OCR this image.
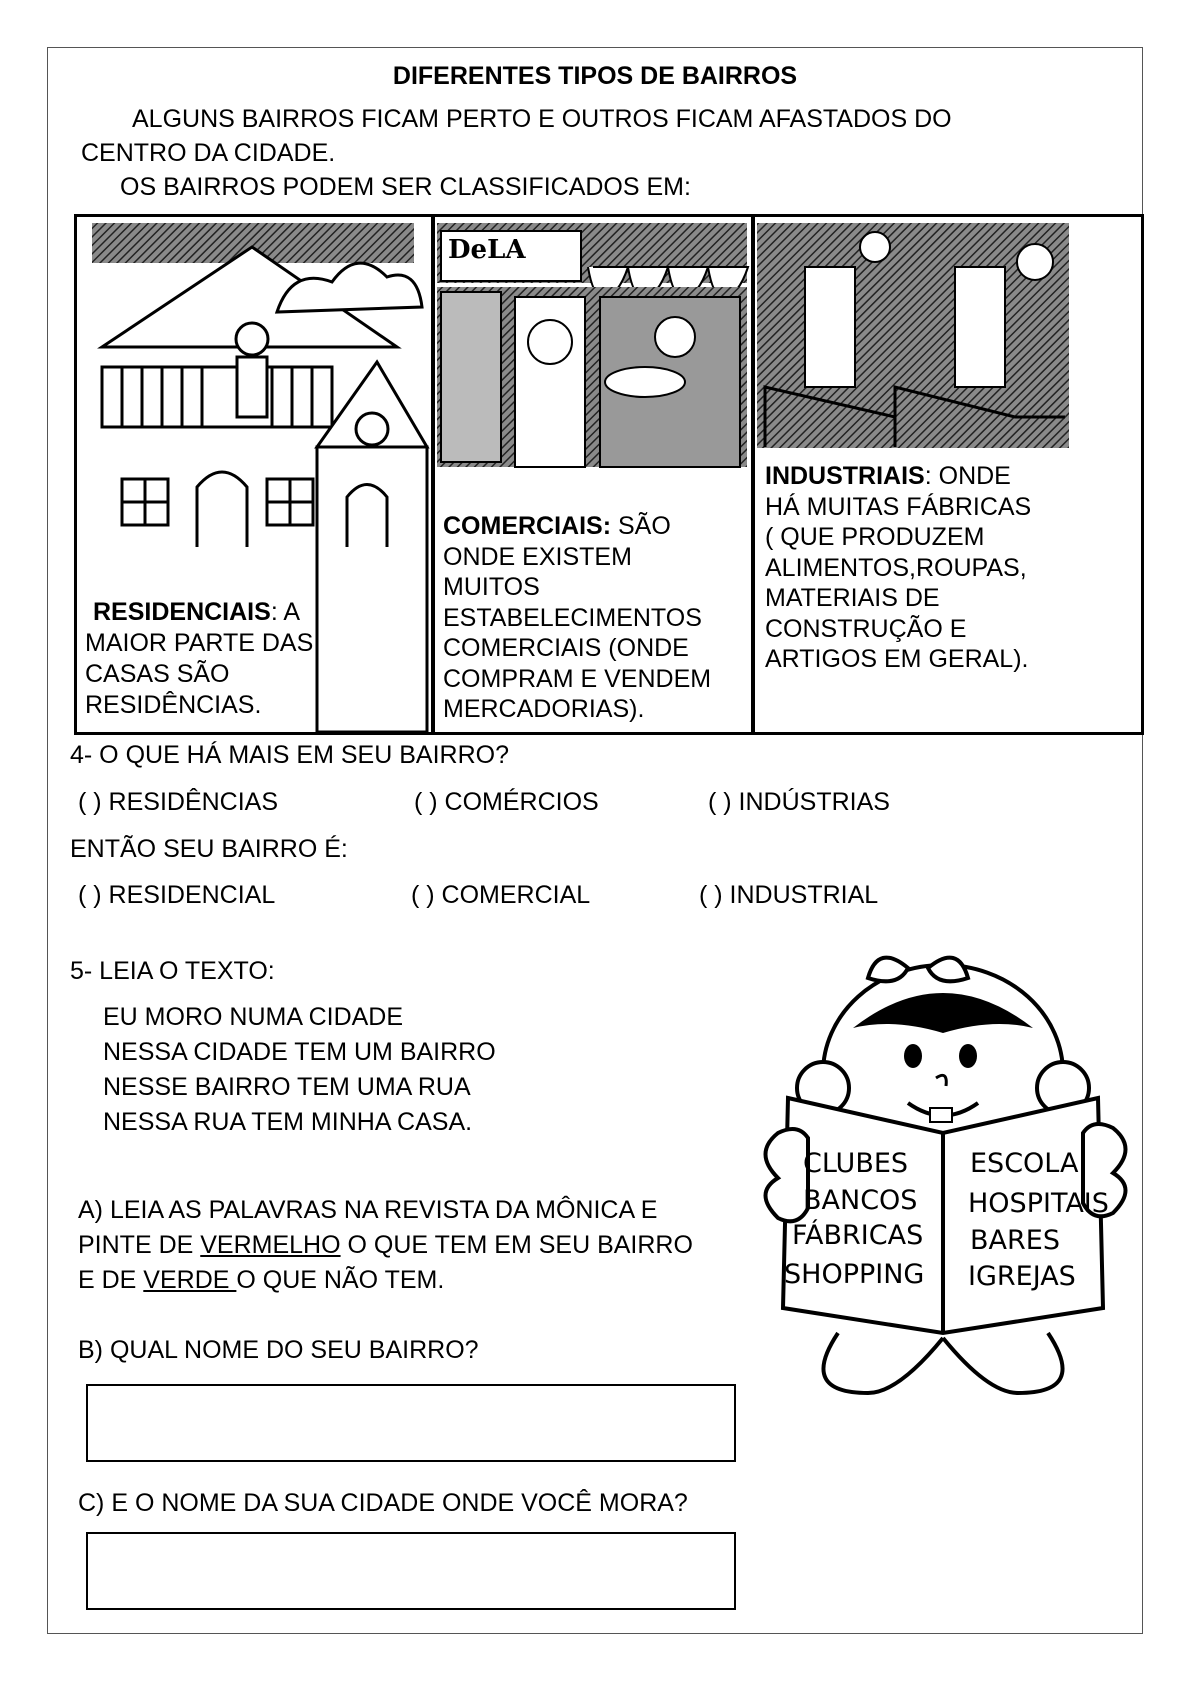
DIFERENTES TIPOS DE BAIRROS
ALGUNS BAIRROS FICAM PERTO E OUTROS FICAM AFASTADOS DO
CENTRO DA CIDADE.
OS BAIRROS PODEM SER CLASSIFICADOS EM:
DeLA
RESIDENCIAIS: A
MAIOR PARTE DAS
CASAS SÃO
RESIDÊNCIAS.
COMERCIAIS: SÃO
ONDE EXISTEM
MUITOS
ESTABELECIMENTOS
COMERCIAIS (ONDE
COMPRAM E VENDEM
MERCADORIAS).
INDUSTRIAIS: ONDE
HÁ MUITAS FÁBRICAS
( QUE PRODUZEM
ALIMENTOS,ROUPAS,
MATERIAIS DE
CONSTRUÇÃO E
ARTIGOS EM GERAL).
4- O QUE HÁ MAIS EM SEU BAIRRO?
( ) RESIDÊNCIAS	( ) COMÉRCIOS	( ) INDÚSTRIAS
ENTÃO SEU BAIRRO É:
( ) RESIDENCIAL	( ) COMERCIAL	( ) INDUSTRIAL
5- LEIA O TEXTO:
EU MORO NUMA CIDADE
NESSA CIDADE TEM UM BAIRRO
NESSE BAIRRO TEM UMA RUA
NESSA RUA TEM MINHA CASA.
A) LEIA AS PALAVRAS NA REVISTA DA MÔNICA E
PINTE DE VERMELHO O QUE TEM EM SEU BAIRRO
E DE VERDE O QUE NÃO TEM.
B) QUAL NOME DO SEU BAIRRO?
C) E O NOME DA SUA CIDADE ONDE VOCÊ MORA?
CLUBES
BANCOS
FÁBRICAS
SHOPPING
ESCOLA
HOSPITAIS
BARES
IGREJAS
